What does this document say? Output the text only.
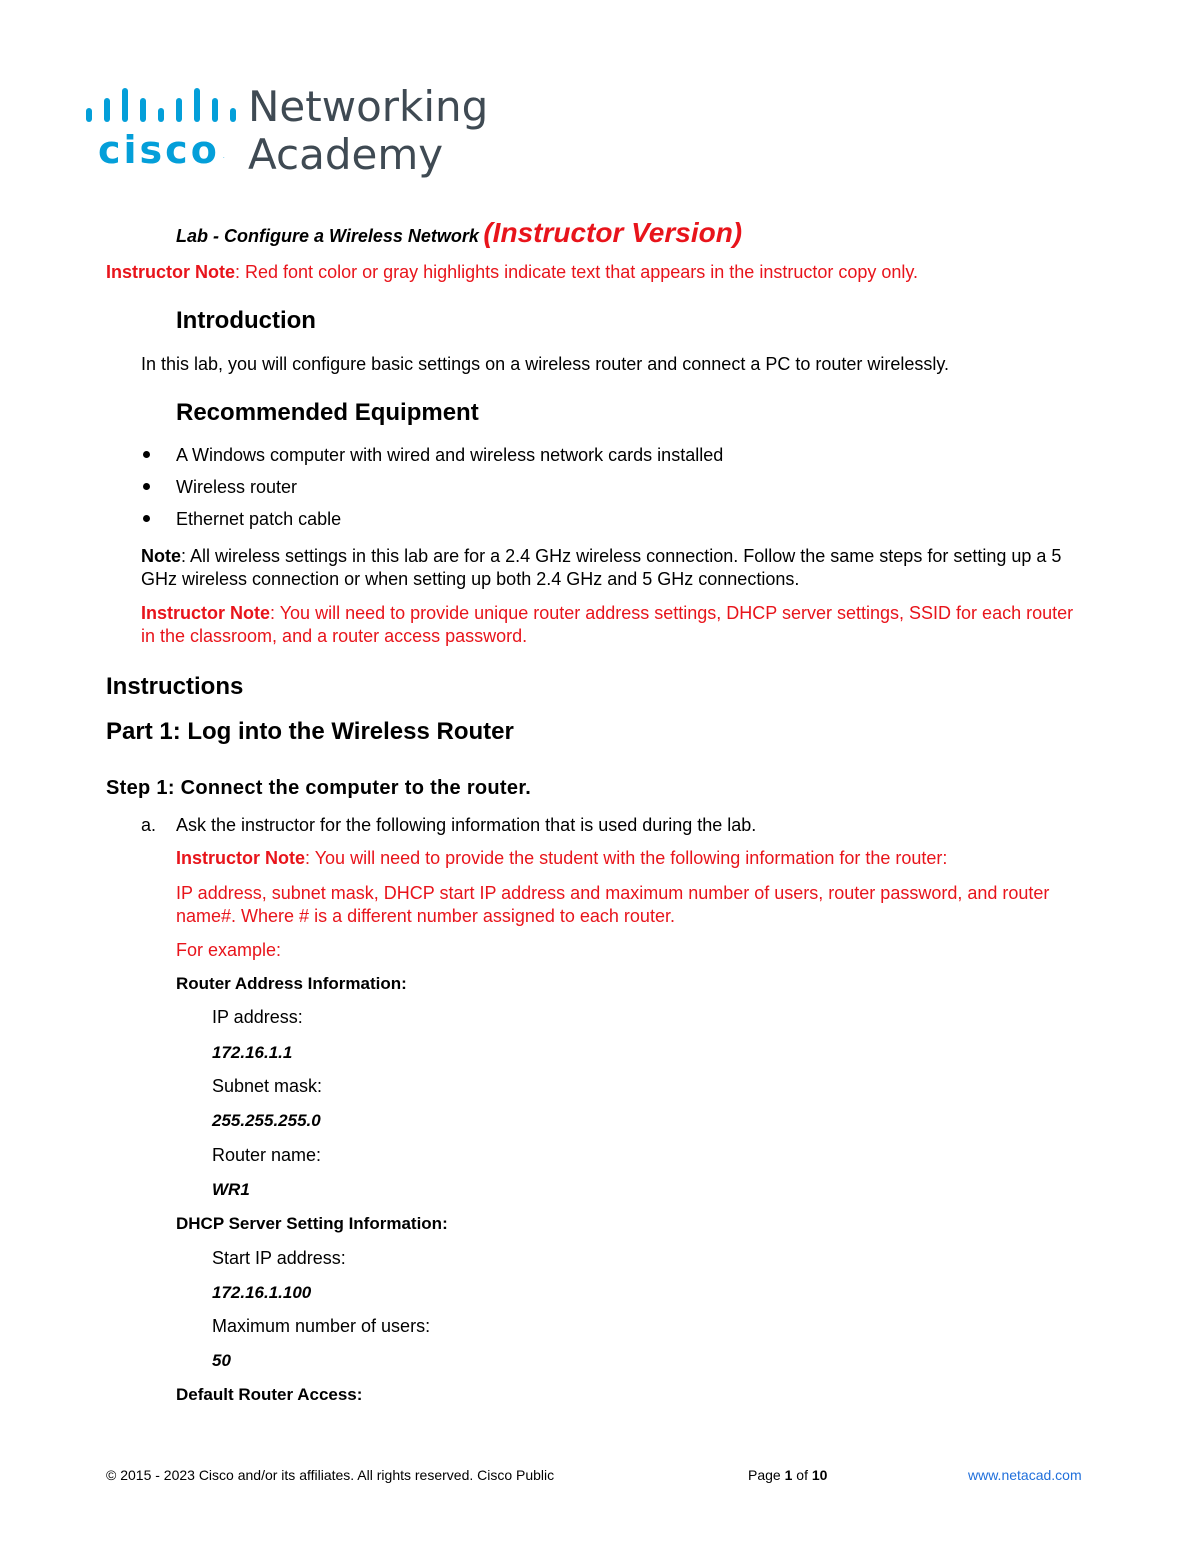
cisco .
Networking
Academy
Lab - Configure a Wireless Network (Instructor Version)
Instructor Note: Red font color or gray highlights indicate text that appears in the instructor copy only.
Introduction
In this lab, you will configure basic settings on a wireless router and connect a PC to router wirelessly.
Recommended Equipment
A Windows computer with wired and wireless network cards installed
Wireless router
Ethernet patch cable
Note: All wireless settings in this lab are for a 2.4 GHz wireless connection. Follow the same steps for setting up a 5 GHz wireless connection or when setting up both 2.4 GHz and 5 GHz connections.
Instructor Note: You will need to provide unique router address settings, DHCP server settings, SSID for each router in the classroom, and a router access password.
Instructions
Part 1: Log into the Wireless Router
Step 1: Connect the computer to the router.
a. Ask the instructor for the following information that is used during the lab.
Instructor Note: You will need to provide the student with the following information for the router:
IP address, subnet mask, DHCP start IP address and maximum number of users, router password, and router name#. Where # is a different number assigned to each router.
For example:
Router Address Information:
IP address:
172.16.1.1
Subnet mask:
255.255.255.0
Router name:
WR1
DHCP Server Setting Information:
Start IP address:
172.16.1.100
Maximum number of users:
50
Default Router Access:
© 2015 - 2023 Cisco and/or its affiliates. All rights reserved. Cisco Public	Page 1 of 10	www.netacad.com
